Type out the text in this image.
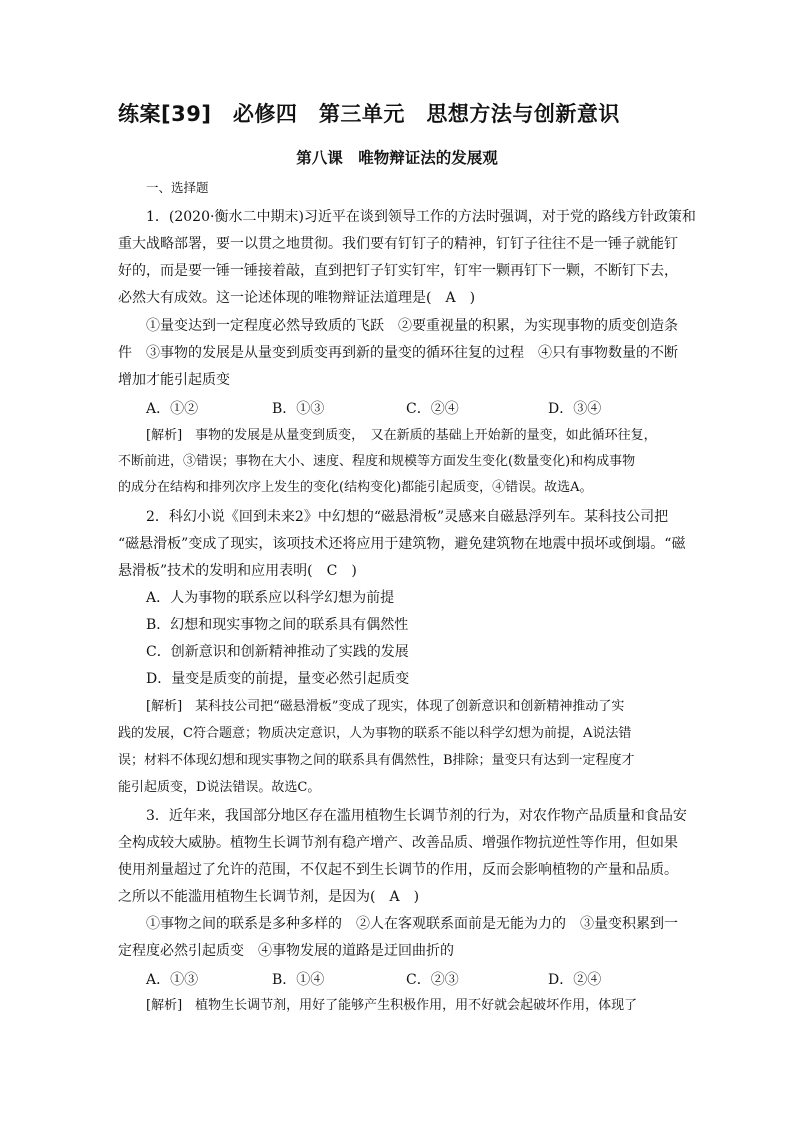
练案[39]　必修四　第三单元　思想方法与创新意识
第八课　唯物辩证法的发展观
一、选择题
1．(2020·衡水二中期末)习近平在谈到领导工作的方法时强调，对于党的路线方针政策和
重大战略部署，要一以贯之地贯彻。我们要有钉钉子的精神，钉钉子往往不是一锤子就能钉
好的，而是要一锤一锤接着敲，直到把钉子钉实钉牢，钉牢一颗再钉下一颗，不断钉下去，
必然大有成效。这一论述体现的唯物辩证法道理是(　A　)
①量变达到一定程度必然导致质的飞跃　②要重视量的积累，为实现事物的质变创造条
件　③事物的发展是从量变到质变再到新的量变的循环往复的过程　④只有事物数量的不断
增加才能引起质变
A．①②	B．①③	C．②④	D．③④
[解析]　事物的发展是从量变到质变，　又在新质的基础上开始新的量变，如此循环往复，
不断前进，③错误；事物在大小、速度、程度和规模等方面发生变化(数量变化)和构成事物
的成分在结构和排列次序上发生的变化(结构变化)都能引起质变，④错误。故选A。
2．科幻小说《回到未来2》中幻想的“磁悬滑板”灵感来自磁悬浮列车。某科技公司把
“磁悬滑板”变成了现实，该项技术还将应用于建筑物，避免建筑物在地震中损坏或倒塌。“磁
悬滑板”技术的发明和应用表明(　C　)
A．人为事物的联系应以科学幻想为前提
B．幻想和现实事物之间的联系具有偶然性
C．创新意识和创新精神推动了实践的发展
D．量变是质变的前提，量变必然引起质变
[解析]　某科技公司把“磁悬滑板”变成了现实，体现了创新意识和创新精神推动了实
践的发展，C符合题意；物质决定意识，人为事物的联系不能以科学幻想为前提，A说法错
误；材料不体现幻想和现实事物之间的联系具有偶然性，B排除；量变只有达到一定程度才
能引起质变，D说法错误。故选C。
3．近年来，我国部分地区存在滥用植物生长调节剂的行为，对农作物产品质量和食品安
全构成较大威胁。植物生长调节剂有稳产增产、改善品质、增强作物抗逆性等作用，但如果
使用剂量超过了允许的范围，不仅起不到生长调节的作用，反而会影响植物的产量和品质。
之所以不能滥用植物生长调节剂，是因为(　A　)
①事物之间的联系是多种多样的　②人在客观联系面前是无能为力的　③量变积累到一
定程度必然引起质变　④事物发展的道路是迂回曲折的
A．①③	B．①④	C．②③	D．②④
[解析]　植物生长调节剂，用好了能够产生积极作用，用不好就会起破坏作用，体现了
